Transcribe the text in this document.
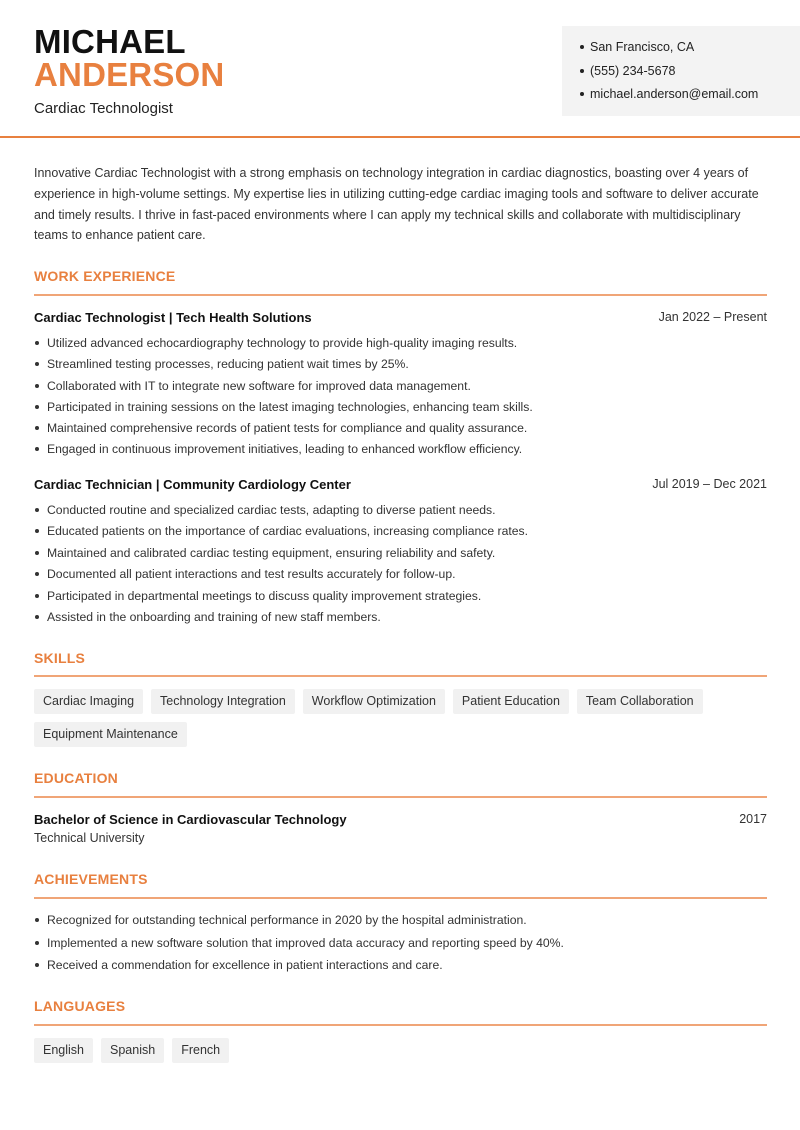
MICHAEL
ANDERSON
Cardiac Technologist
San Francisco, CA
(555) 234-5678
michael.anderson@email.com

Innovative Cardiac Technologist with a strong emphasis on technology integration in cardiac diagnostics, boasting over 4 years of experience in high-volume settings. My expertise lies in utilizing cutting-edge cardiac imaging tools and software to deliver accurate and timely results. I thrive in fast-paced environments where I can apply my technical skills and collaborate with multidisciplinary teams to enhance patient care.

WORK EXPERIENCE
Cardiac Technologist | Tech Health Solutions	Jan 2022 – Present
Utilized advanced echocardiography technology to provide high-quality imaging results.
Streamlined testing processes, reducing patient wait times by 25%.
Collaborated with IT to integrate new software for improved data management.
Participated in training sessions on the latest imaging technologies, enhancing team skills.
Maintained comprehensive records of patient tests for compliance and quality assurance.
Engaged in continuous improvement initiatives, leading to enhanced workflow efficiency.
Cardiac Technician | Community Cardiology Center	Jul 2019 – Dec 2021
Conducted routine and specialized cardiac tests, adapting to diverse patient needs.
Educated patients on the importance of cardiac evaluations, increasing compliance rates.
Maintained and calibrated cardiac testing equipment, ensuring reliability and safety.
Documented all patient interactions and test results accurately for follow-up.
Participated in departmental meetings to discuss quality improvement strategies.
Assisted in the onboarding and training of new staff members.
SKILLS
Cardiac Imaging	Technology Integration	Workflow Optimization	Patient Education	Team Collaboration
Equipment Maintenance
EDUCATION
Bachelor of Science in Cardiovascular Technology	2017
Technical University
ACHIEVEMENTS
Recognized for outstanding technical performance in 2020 by the hospital administration.
Implemented a new software solution that improved data accuracy and reporting speed by 40%.
Received a commendation for excellence in patient interactions and care.
LANGUAGES
English	Spanish	French
